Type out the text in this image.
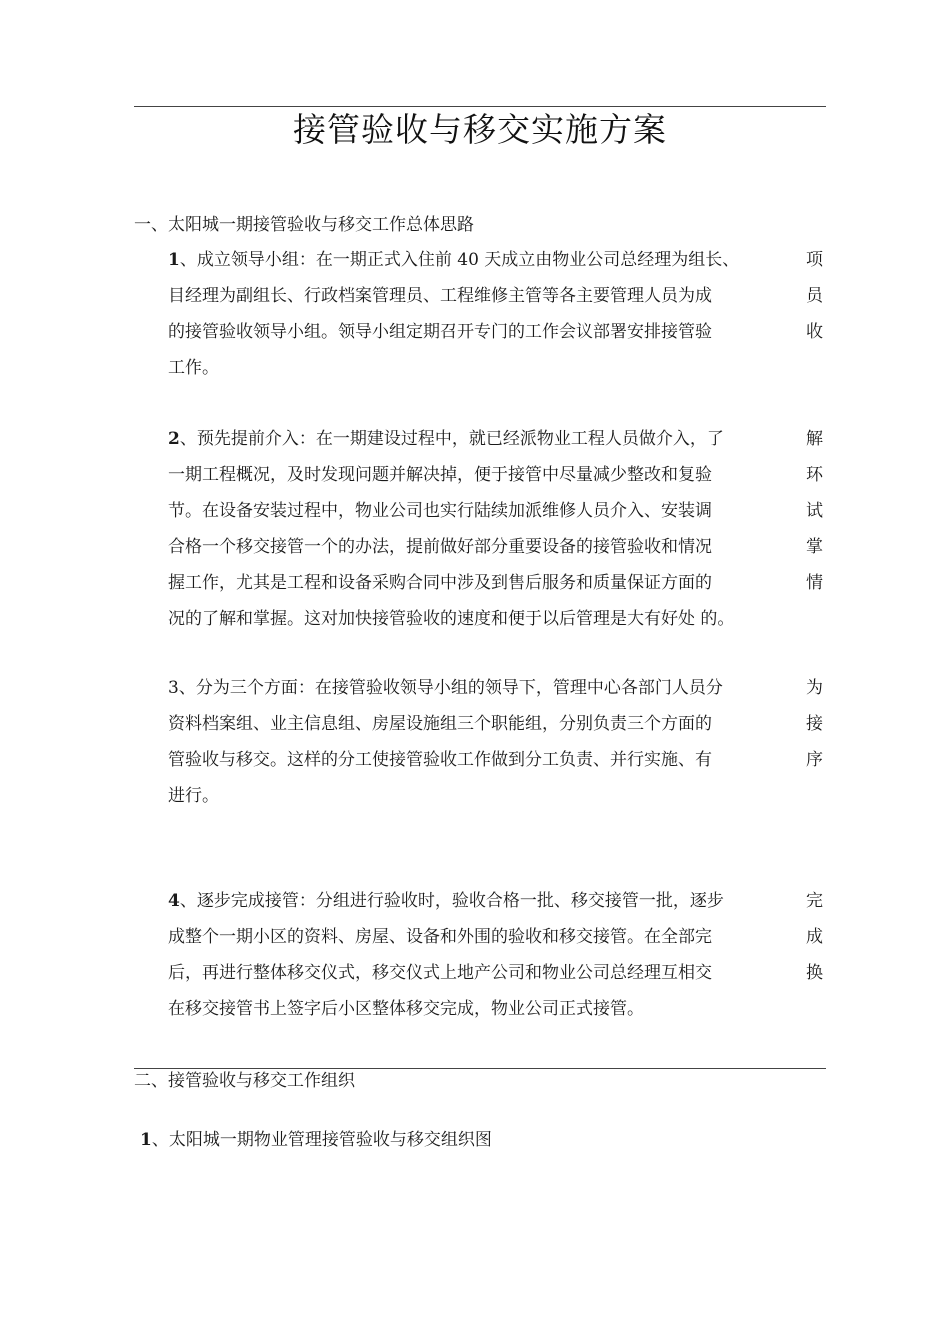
接管验收与移交实施方案
一、太阳城一期接管验收与移交工作总体思路
1、成立领导小组：在一期正式入住前 40 天成立由物业公司总经理为组长、	项
目经理为副组长、行政档案管理员、工程维修主管等各主要管理人员为成	员
的接管验收领导小组。领导小组定期召开专门的工作会议部署安排接管验	收
工作。
2、预先提前介入：在一期建设过程中，就已经派物业工程人员做介入，了	解
一期工程概况，及时发现问题并解决掉，便于接管中尽量减少整改和复验	环
节。在设备安装过程中，物业公司也实行陆续加派维修人员介入、安装调	试
合格一个移交接管一个的办法，提前做好部分重要设备的接管验收和情况	掌
握工作，尤其是工程和设备采购合同中涉及到售后服务和质量保证方面的	情
况的了解和掌握。这对加快接管验收的速度和便于以后管理是大有好处 的。
3、分为三个方面：在接管验收领导小组的领导下，管理中心各部门人员分	为
资料档案组、业主信息组、房屋设施组三个职能组，分别负责三个方面的	接
管验收与移交。这样的分工使接管验收工作做到分工负责、并行实施、有	序
进行。
4、逐步完成接管：分组进行验收时，验收合格一批、移交接管一批，逐步	完
成整个一期小区的资料、房屋、设备和外围的验收和移交接管。在全部完	成
后，再进行整体移交仪式，移交仪式上地产公司和物业公司总经理互相交	换
在移交接管书上签字后小区整体移交完成，物业公司正式接管。
二、接管验收与移交工作组织
1、太阳城一期物业管理接管验收与移交组织图
